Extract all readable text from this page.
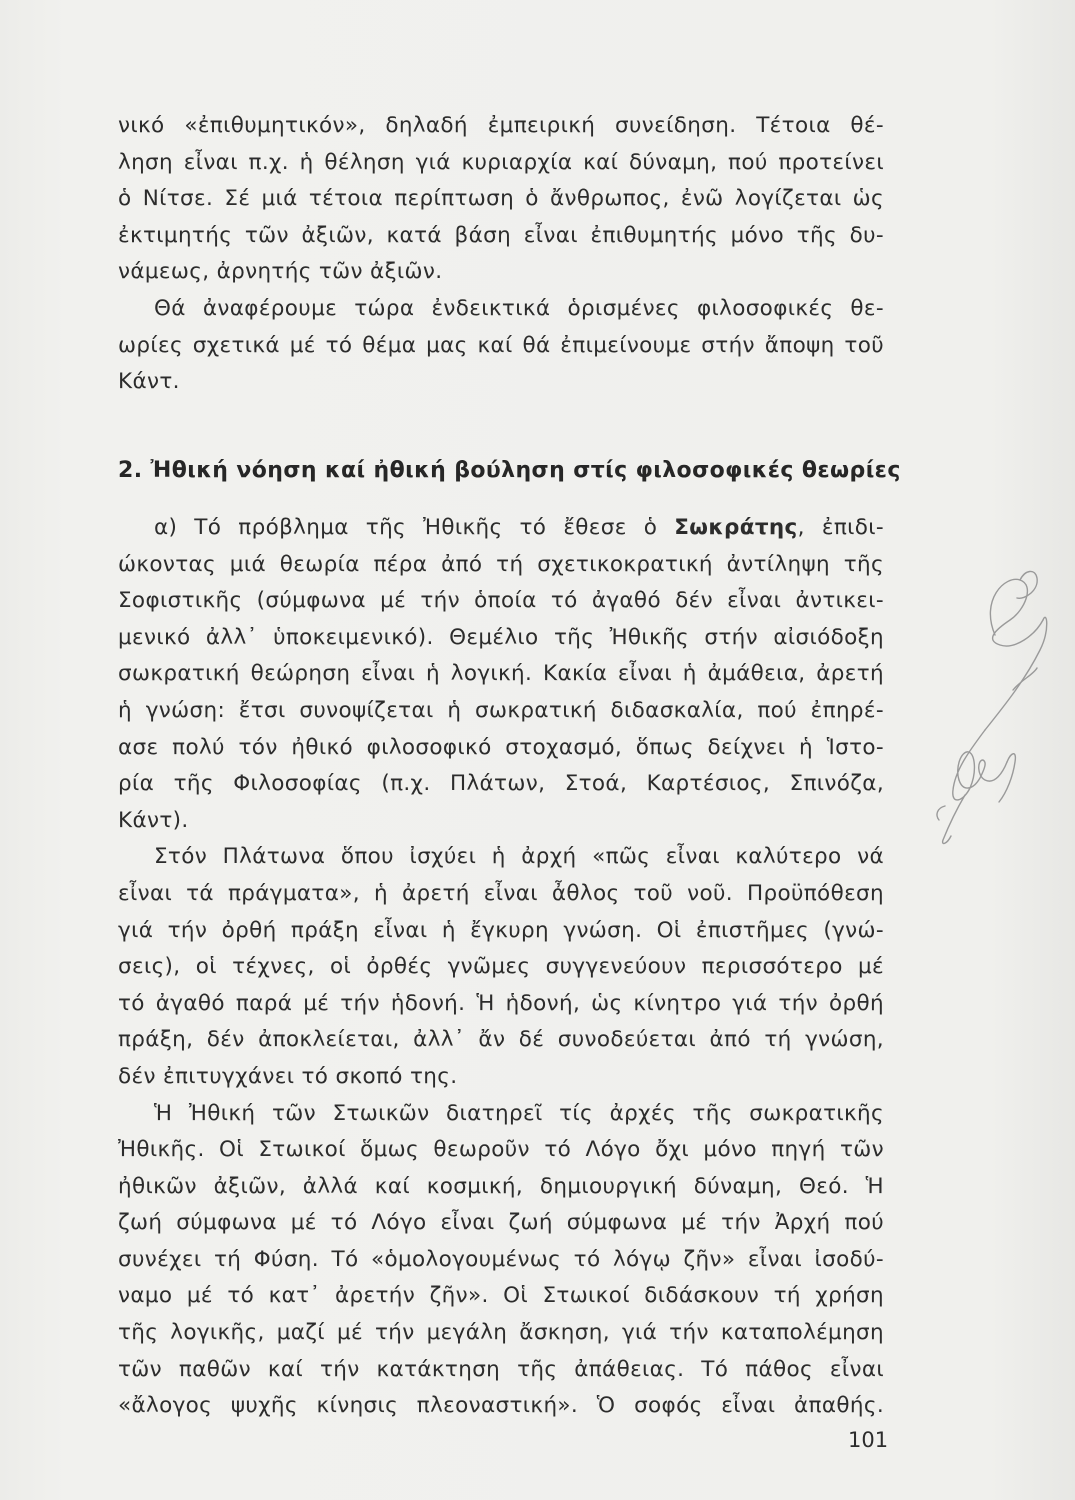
νικό «ἐπιθυμητικόν», δηλαδή ἐμπειρική συνείδηση. Τέτοια θέ-
ληση εἶναι π.χ. ἡ θέληση γιά κυριαρχία καί δύναμη, πού προτείνει
ὁ Νίτσε. Σέ μιά τέτοια περίπτωση ὁ ἄνθρωπος, ἐνῶ λογίζεται ὡς
ἐκτιμητής τῶν ἀξιῶν, κατά βάση εἶναι ἐπιθυμητής μόνο τῆς δυ-
νάμεως, ἀρνητής τῶν ἀξιῶν.
Θά ἀναφέρουμε τώρα ἐνδεικτικά ὁρισμένες φιλοσοφικές θε-
ωρίες σχετικά μέ τό θέμα μας καί θά ἐπιμείνουμε στήν ἄποψη τοῦ
Κάντ.
2. Ἠθική νόηση καί ἠθική βούληση στίς φιλοσοφικές θεωρίες
α) Τό πρόβλημα τῆς Ἠθικῆς τό ἔθεσε ὁ Σωκράτης, ἐπιδι-
ώκοντας μιά θεωρία πέρα ἀπό τή σχετικοκρατική ἀντίληψη τῆς
Σοφιστικῆς (σύμφωνα μέ τήν ὁποία τό ἀγαθό δέν εἶναι ἀντικει-
μενικό ἀλλ᾽ ὑποκειμενικό). Θεμέλιο τῆς Ἠθικῆς στήν αἰσιόδοξη
σωκρατική θεώρηση εἶναι ἡ λογική. Κακία εἶναι ἡ ἀμάθεια, ἀρετή
ἡ γνώση: ἔτσι συνοψίζεται ἡ σωκρατική διδασκαλία, πού ἐπηρέ-
ασε πολύ τόν ἠθικό φιλοσοφικό στοχασμό, ὅπως δείχνει ἡ Ἱστο-
ρία τῆς Φιλοσοφίας (π.χ. Πλάτων, Στοά, Καρτέσιος, Σπινόζα,
Κάντ).
Στόν Πλάτωνα ὅπου ἰσχύει ἡ ἀρχή «πῶς εἶναι καλύτερο νά
εἶναι τά πράγματα», ἡ ἀρετή εἶναι ἆθλος τοῦ νοῦ. Προϋπόθεση
γιά τήν ὀρθή πράξη εἶναι ἡ ἔγκυρη γνώση. Οἱ ἐπιστῆμες (γνώ-
σεις), οἱ τέχνες, οἱ ὀρθές γνῶμες συγγενεύουν περισσότερο μέ
τό ἀγαθό παρά μέ τήν ἡδονή. Ἡ ἡδονή, ὡς κίνητρο γιά τήν ὀρθή
πράξη, δέν ἀποκλείεται, ἀλλ᾽ ἄν δέ συνοδεύεται ἀπό τή γνώση,
δέν ἐπιτυγχάνει τό σκοπό της.
Ἡ Ἠθική τῶν Στωικῶν διατηρεῖ τίς ἀρχές τῆς σωκρατικῆς
Ἠθικῆς. Οἱ Στωικοί ὅμως θεωροῦν τό Λόγο ὄχι μόνο πηγή τῶν
ἠθικῶν ἀξιῶν, ἀλλά καί κοσμική, δημιουργική δύναμη, Θεό. Ἡ
ζωή σύμφωνα μέ τό Λόγο εἶναι ζωή σύμφωνα μέ τήν Ἀρχή πού
συνέχει τή Φύση. Τό «ὁμολογουμένως τό λόγῳ ζῆν» εἶναι ἰσοδύ-
ναμο μέ τό κατ᾽ ἀρετήν ζῆν». Οἱ Στωικοί διδάσκουν τή χρήση
τῆς λογικῆς, μαζί μέ τήν μεγάλη ἄσκηση, γιά τήν καταπολέμηση
τῶν παθῶν καί τήν κατάκτηση τῆς ἀπάθειας. Τό πάθος εἶναι
«ἄλογος ψυχῆς κίνησις πλεοναστική». Ὁ σοφός εἶναι ἀπαθής.
101
